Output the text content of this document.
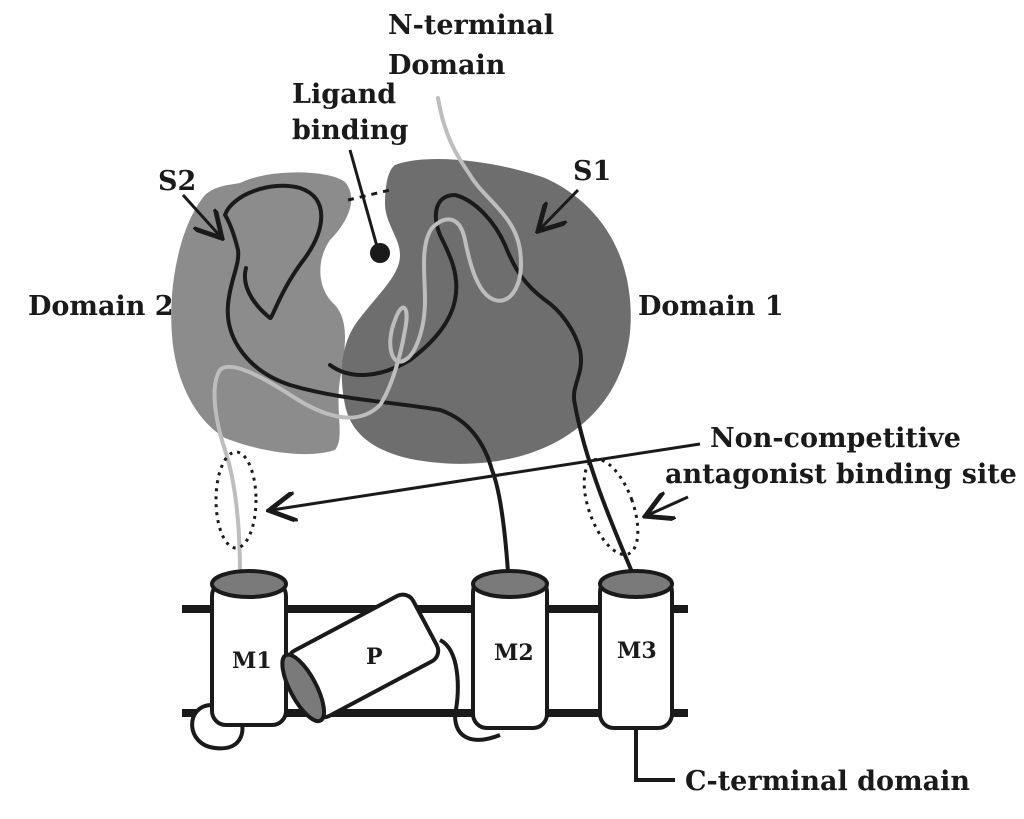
N-terminal
Domain
Ligand
binding
S2	S1
Domain 2	Domain 1
Non-competitive
antagonist binding site
M1	P	M2	M3
C-terminal domain
